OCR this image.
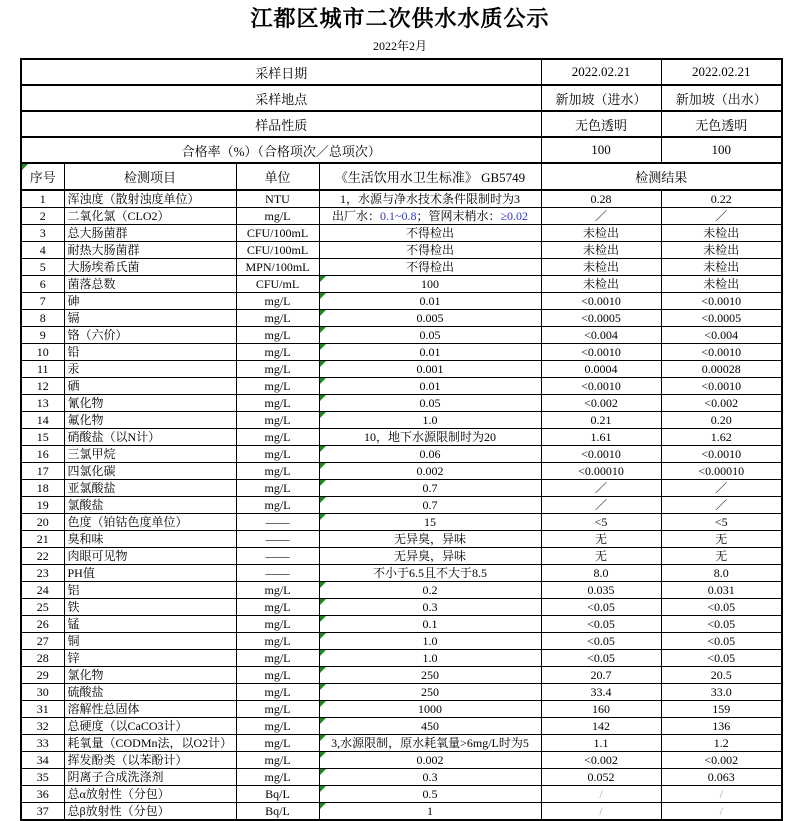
江都区城市二次供水水质公示
2022年2月
采样日期				2022.02.21	2022.02.21
采样地点				新加坡（进水）	新加坡（出水）
样品性质				无色透明	无色透明
合格率（%）（合格项次／总项次）				100	100

序号	检测项目	单位	《生活饮用水卫生标准》 GB5749	检测结果	
1	浑浊度（散射浊度单位）	NTU	1，水源与净水技术条件限制时为3	0.28	0.22
2	二氧化氯（CLO2）	mg/L	出厂水：0.1~0.8；管网末梢水：≥0.02	／	／
3	总大肠菌群	CFU/100mL	不得检出	未检出	未检出
4	耐热大肠菌群	CFU/100mL	不得检出	未检出	未检出
5	大肠埃希氏菌	MPN/100mL	不得检出	未检出	未检出
6	菌落总数	CFU/mL	100	未检出	未检出
7	砷	mg/L	0.01	<0.0010	<0.0010
8	镉	mg/L	0.005	<0.0005	<0.0005
9	铬（六价）	mg/L	0.05	<0.004	<0.004
10	铅	mg/L	0.01	<0.0010	<0.0010
11	汞	mg/L	0.001	0.0004	0.00028
12	硒	mg/L	0.01	<0.0010	<0.0010
13	氰化物	mg/L	0.05	<0.002	<0.002
14	氟化物	mg/L	1.0	0.21	0.20
15	硝酸盐（以N计）	mg/L	10，地下水源限制时为20	1.61	1.62
16	三氯甲烷	mg/L	0.06	<0.0010	<0.0010
17	四氯化碳	mg/L	0.002	<0.00010	<0.00010
18	亚氯酸盐	mg/L	0.7	／	／
19	氯酸盐	mg/L	0.7	／	／
20	色度（铂钴色度单位）	——	15	<5	<5
21	臭和味	——	无异臭，异味	无	无
22	肉眼可见物	——	无异臭，异味	无	无
23	PH值	——	不小于6.5且不大于8.5	8.0	8.0
24	铝	mg/L	0.2	0.035	0.031
25	铁	mg/L	0.3	<0.05	<0.05
26	锰	mg/L	0.1	<0.05	<0.05
27	铜	mg/L	1.0	<0.05	<0.05
28	锌	mg/L	1.0	<0.05	<0.05
29	氯化物	mg/L	250	20.7	20.5
30	硫酸盐	mg/L	250	33.4	33.0
31	溶解性总固体	mg/L	1000	160	159
32	总硬度（以CaCO3计）	mg/L	450	142	136
33	耗氧量（CODMn法，以O2计）	mg/L	3,水源限制，原水耗氧量>6mg/L时为5	1.1	1.2
34	挥发酚类（以苯酚计）	mg/L	0.002	<0.002	<0.002
35	阴离子合成洗涤剂	mg/L	0.3	0.052	0.063
36	总α放射性（分包）	Bq/L	0.5	/	/
37	总β放射性（分包）	Bq/L	1	/	/
